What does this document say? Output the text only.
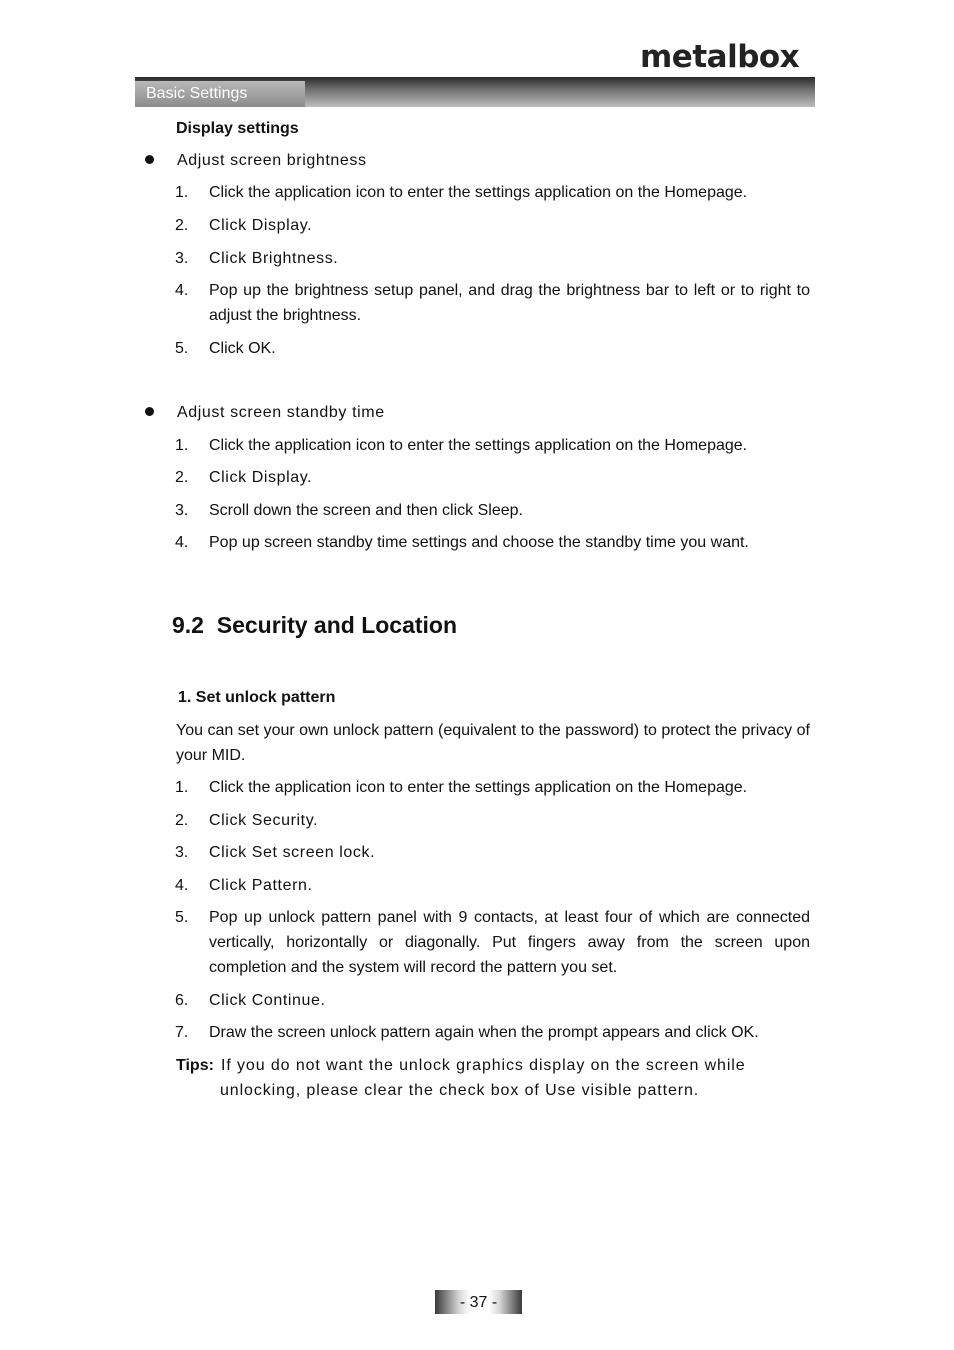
metalbox
Basic Settings
Display settings
Adjust screen brightness
1. Click the application icon to enter the settings application on the Homepage.
2. Click Display.
3. Click Brightness.
4. Pop up the brightness setup panel, and drag the brightness bar to left or to right to adjust the brightness.
5. Click OK.
Adjust screen standby time
1. Click the application icon to enter the settings application on the Homepage.
2. Click Display.
3. Scroll down the screen and then click Sleep.
4. Pop up screen standby time settings and choose the standby time you want.
9.2  Security and Location
1. Set unlock pattern
You can set your own unlock pattern (equivalent to the password) to protect the privacy of your MID.
1. Click the application icon to enter the settings application on the Homepage.
2. Click Security.
3. Click Set screen lock.
4. Click Pattern.
5. Pop up unlock pattern panel with 9 contacts, at least four of which are connected vertically, horizontally or diagonally. Put fingers away from the screen upon completion and the system will record the pattern you set.
6. Click Continue.
7. Draw the screen unlock pattern again when the prompt appears and click OK.
Tips: If you do not want the unlock graphics display on the screen while
unlocking, please clear the check box of Use visible pattern.
- 37 -
